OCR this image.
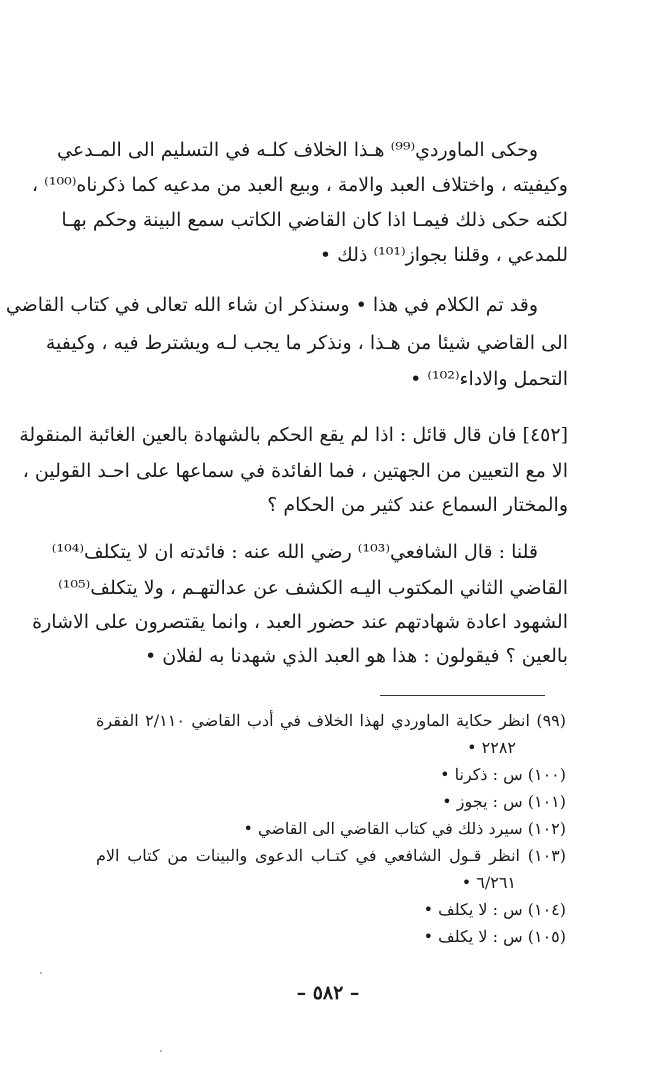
وحكى الماوردي⁽⁹⁹⁾ هـذا الخلاف كلـه في التسليم الى المـدعي
وكيفيته ، واختلاف العبد والامة ، وبيع العبد من مدعيه كما ذكرناه⁽¹⁰⁰⁾ ،
لكنه حكى ذلك فيمـا اذا كان القاضي الكاتب سمع البينة وحكم بهـا
للمدعي ، وقلنا بجواز⁽¹⁰¹⁾ ذلك •
وقد تم الكلام في هذا • وسنذكر ان شاء الله تعالى في كتاب القاضي
الى القاضي شيئا من هـذا ، ونذكر ما يجب لـه ويشترط فيه ، وكيفية
التحمل والاداء⁽¹⁰²⁾ •
[٤٥٢] فان قال قائل : اذا لم يقع الحكم بالشهادة بالعين الغائبة المنقولة
الا مع التعيين من الجهتين ، فما الفائدة في سماعها على احـد القولين ،
والمختار السماع عند كثير من الحكام ؟
قلنا : قال الشافعي⁽¹⁰³⁾ رضي الله عنه : فائدته ان لا يتكلف⁽¹⁰⁴⁾
القاضي الثاني المكتوب اليـه الكشف عن عدالتهـم ، ولا يتكلف⁽¹⁰⁵⁾
الشهود اعادة شهادتهم عند حضور العبد ، وانما يقتصرون على الاشارة
بالعين ؟ فيقولون : هذا هو العبد الذي شهدنا به لفلان •
(٩٩) انظر حكاية الماوردي لهذا الخلاف في أدب القاضي ٢/١١٠ الفقرة
٢٢٨٢ •
(١٠٠) س : ذكرنا •
(١٠١) س : يجوز •
(١٠٢) سيرد ذلك في كتاب القاضي الى القاضي •
(١٠٣) انظر قـول الشافعي في كتـاب الدعوى والبينات من كتاب الام
٦/٢٦١ •
(١٠٤) س : لا يكلف •
(١٠٥) س : لا يكلف •
– ٥٨٢ –
